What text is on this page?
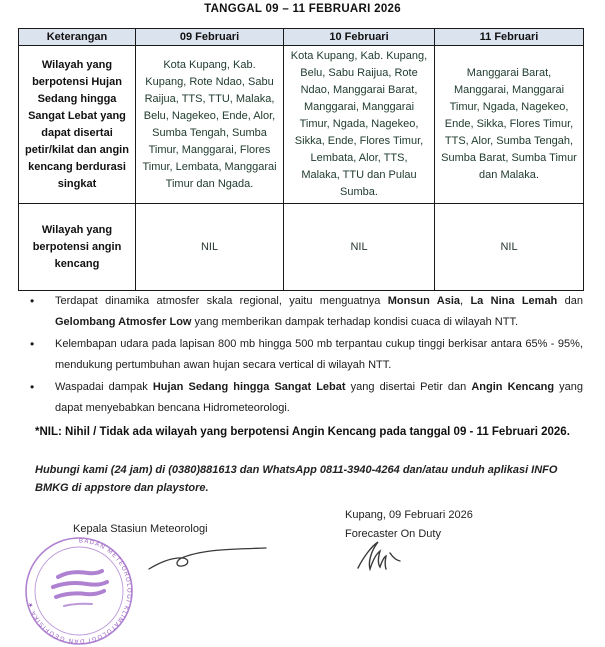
TANGGAL 09 – 11 FEBRUARI 2026
Keterangan	09 Februari	10 Februari	11 Februari
Wilayah yang berpotensi Hujan Sedang hingga Sangat Lebat yang dapat disertai petir/kilat dan angin kencang berdurasi singkat	Kota Kupang, Kab. Kupang, Rote Ndao, Sabu Raijua, TTS, TTU, Malaka, Belu, Nagekeo, Ende, Alor, Sumba Tengah, Sumba Timur, Manggarai, Flores Timur, Lembata, Manggarai Timur dan Ngada.	Kota Kupang, Kab. Kupang, Belu, Sabu Raijua, Rote Ndao, Manggarai Barat, Manggarai, Manggarai Timur, Ngada, Nagekeo, Sikka, Ende, Flores Timur, Lembata, Alor, TTS, Malaka, TTU dan Pulau Sumba.	Manggarai Barat, Manggarai, Manggarai Timur, Ngada, Nagekeo, Ende, Sikka, Flores Timur, TTS, Alor, Sumba Tengah, Sumba Barat, Sumba Timur dan Malaka.
Wilayah yang berpotensi angin kencang	NIL	NIL	NIL
•	Terdapat dinamika atmosfer skala regional, yaitu menguatnya Monsun Asia, La Nina Lemah dan Gelombang Atmosfer Low yang memberikan dampak terhadap kondisi cuaca di wilayah NTT.
•	Kelembapan udara pada lapisan 800 mb hingga 500 mb terpantau cukup tinggi berkisar antara 65% - 95%, mendukung pertumbuhan awan hujan secara vertical di wilayah NTT.
•	Waspadai dampak Hujan Sedang hingga Sangat Lebat yang disertai Petir dan Angin Kencang yang dapat menyebabkan bencana Hidrometeorologi.
*NIL: Nihil / Tidak ada wilayah yang berpotensi Angin Kencang pada tanggal 09 - 11 Februari 2026.
Hubungi kami (24 jam) di (0380)881613 dan WhatsApp 0811-3940-4264 dan/atau unduh aplikasi INFO BMKG di appstore dan playstore.
Kepala Stasiun Meteorologi
Kupang, 09 Februari 2026
Forecaster On Duty
BADAN METEOROLOGI KLIMATOLOGI DAN GEOFISIKA ★
